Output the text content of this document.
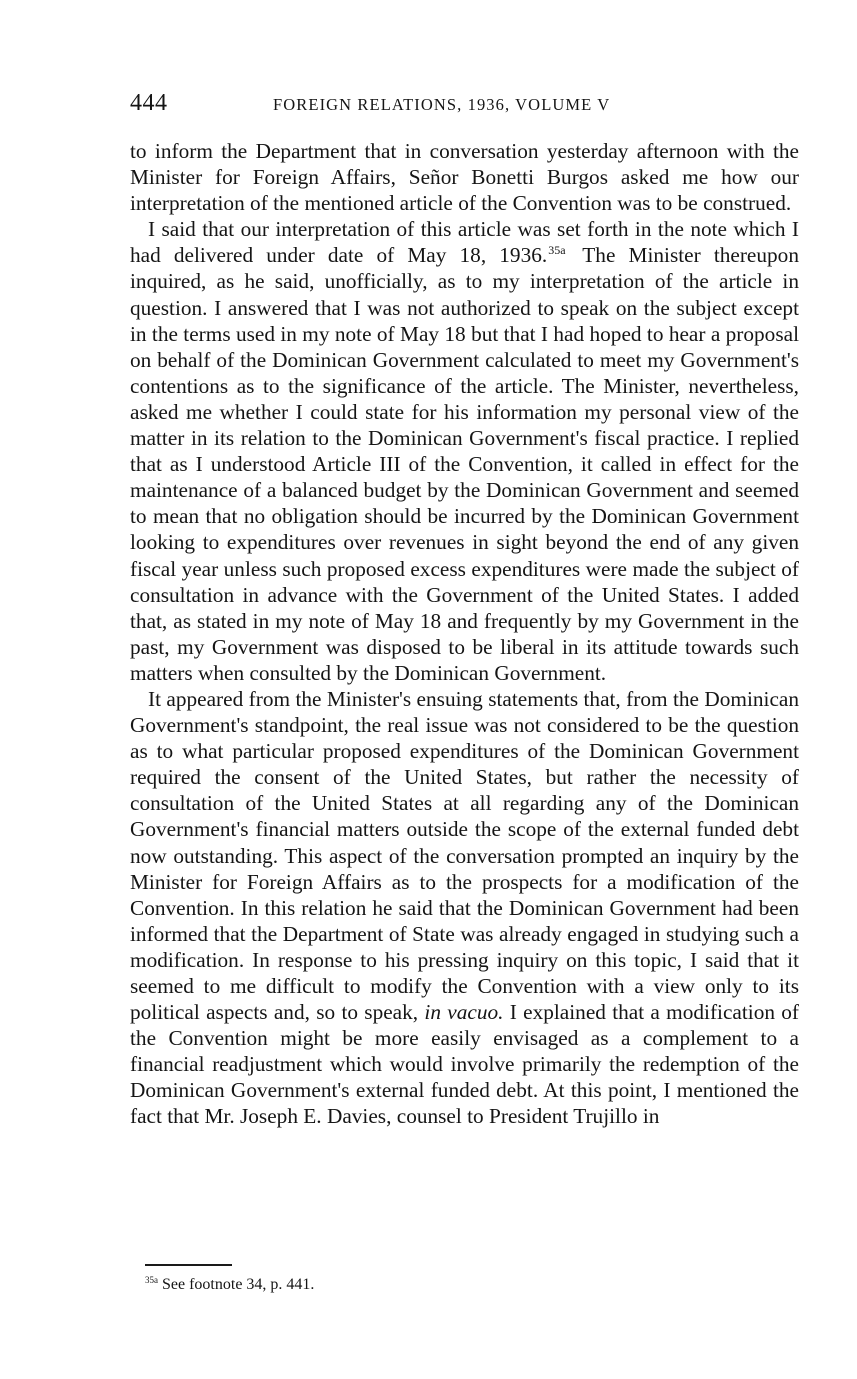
444	FOREIGN RELATIONS, 1936, VOLUME V

to inform the Department that in conversation yesterday afternoon with the Minister for Foreign Affairs, Señor Bonetti Burgos asked me how our interpretation of the mentioned article of the Convention was to be construed.

I said that our interpretation of this article was set forth in the note which I had delivered under date of May 18, 1936.$^{35a}$ The Minister thereupon inquired, as he said, unofficially, as to my interpretation of the article in question. I answered that I was not authorized to speak on the subject except in the terms used in my note of May 18 but that I had hoped to hear a proposal on behalf of the Dominican Government calculated to meet my Government's contentions as to the significance of the article. The Minister, nevertheless, asked me whether I could state for his information my personal view of the matter in its relation to the Dominican Government's fiscal practice. I replied that as I understood Article III of the Convention, it called in effect for the maintenance of a balanced budget by the Dominican Government and seemed to mean that no obligation should be incurred by the Dominican Government looking to expenditures over revenues in sight beyond the end of any given fiscal year unless such proposed excess expenditures were made the subject of consultation in advance with the Government of the United States. I added that, as stated in my note of May 18 and frequently by my Government in the past, my Government was disposed to be liberal in its attitude towards such matters when consulted by the Dominican Government.

It appeared from the Minister's ensuing statements that, from the Dominican Government's standpoint, the real issue was not considered to be the question as to what particular proposed expenditures of the Dominican Government required the consent of the United States, but rather the necessity of consultation of the United States at all regarding any of the Dominican Government's financial matters outside the scope of the external funded debt now outstanding. This aspect of the conversation prompted an inquiry by the Minister for Foreign Affairs as to the prospects for a modification of the Convention. In this relation he said that the Dominican Government had been informed that the Department of State was already engaged in studying such a modification. In response to his pressing inquiry on this topic, I said that it seemed to me difficult to modify the Convention with a view only to its political aspects and, so to speak, in vacuo. I explained that a modification of the Convention might be more easily envisaged as a complement to a financial readjustment which would involve primarily the redemption of the Dominican Government's external funded debt. At this point, I mentioned the fact that Mr. Joseph E. Davies, counsel to President Trujillo in

$^{35a}$ See footnote 34, p. 441.
